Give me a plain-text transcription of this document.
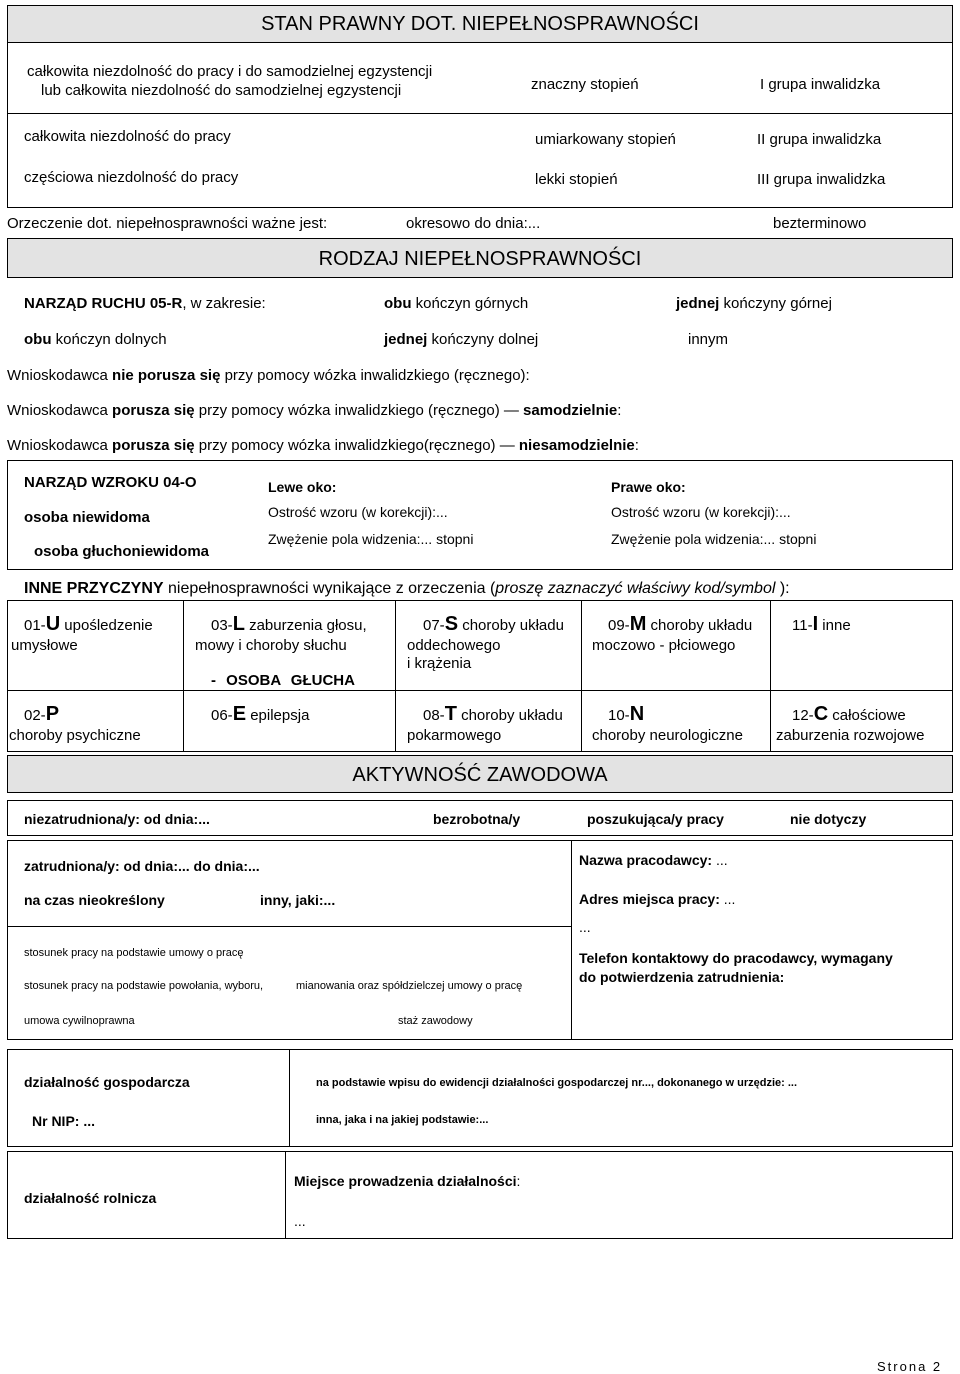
STAN PRAWNY DOT. NIEPEŁNOSPRAWNOŚCI
całkowita niezdolność do pracy i do samodzielnej egzystencji
lub całkowita niezdolność do samodzielnej egzystencji	znaczny stopień	I grupa inwalidzka
całkowita niezdolność do pracy	umiarkowany stopień	II grupa inwalidzka
częściowa niezdolność do pracy	lekki stopień	III grupa inwalidzka
Orzeczenie dot. niepełnosprawności ważne jest:	okresowo do dnia:...	bezterminowo
RODZAJ NIEPEŁNOSPRAWNOŚCI
NARZĄD RUCHU 05-R, w zakresie:	obu kończyn górnych	jednej kończyny górnej
obu kończyn dolnych	jednej kończyny dolnej	innym
Wnioskodawca nie porusza się przy pomocy wózka inwalidzkiego (ręcznego):
Wnioskodawca porusza się przy pomocy wózka inwalidzkiego (ręcznego) ― samodzielnie:
Wnioskodawca porusza się przy pomocy wózka inwalidzkiego(ręcznego) ― niesamodzielnie:
NARZĄD WZROKU 04-O
osoba niewidoma
osoba głuchoniewidoma
Lewe oko:
Ostrość wzoru (w korekcji):...
Zwężenie pola widzenia:... stopni
Prawe oko:
Ostrość wzoru (w korekcji):...
Zwężenie pola widzenia:... stopni
INNE PRZYCZYNY niepełnosprawności wynikające z orzeczenia (proszę zaznaczyć właściwy kod/symbol ):
01-U upośledzenie
umysłowe
03-L zaburzenia głosu,
mowy i choroby słuchu
- OSOBA GŁUCHA
07-S choroby układu
oddechowego
i krążenia
09-M choroby układu
moczowo - płciowego
11-I inne
02-P
choroby psychiczne
06-E epilepsja	08-T choroby układu
pokarmowego
10-N
choroby neurologiczne
12-C całościowe
zaburzenia rozwojowe
AKTYWNOŚĆ ZAWODOWA
niezatrudniona/y: od dnia:...	bezrobotna/y	poszukująca/y pracy	nie dotyczy
zatrudniona/y: od dnia:... do dnia:...
na czas nieokreślony	inny, jaki:...
Nazwa pracodawcy: ...
Adres miejsca pracy: ...
...
Telefon kontaktowy do pracodawcy, wymagany
do potwierdzenia zatrudnienia:
stosunek pracy na podstawie umowy o pracę
stosunek pracy na podstawie powołania, wyboru,	mianowania oraz spółdzielczej umowy o pracę
umowa cywilnoprawna	staż zawodowy
działalność gospodarcza
Nr NIP: ...
na podstawie wpisu do ewidencji działalności gospodarczej nr..., dokonanego w urzędzie: ...
inna, jaka i na jakiej podstawie:...
działalność rolnicza
Miejsce prowadzenia działalności:
...
Strona 2
